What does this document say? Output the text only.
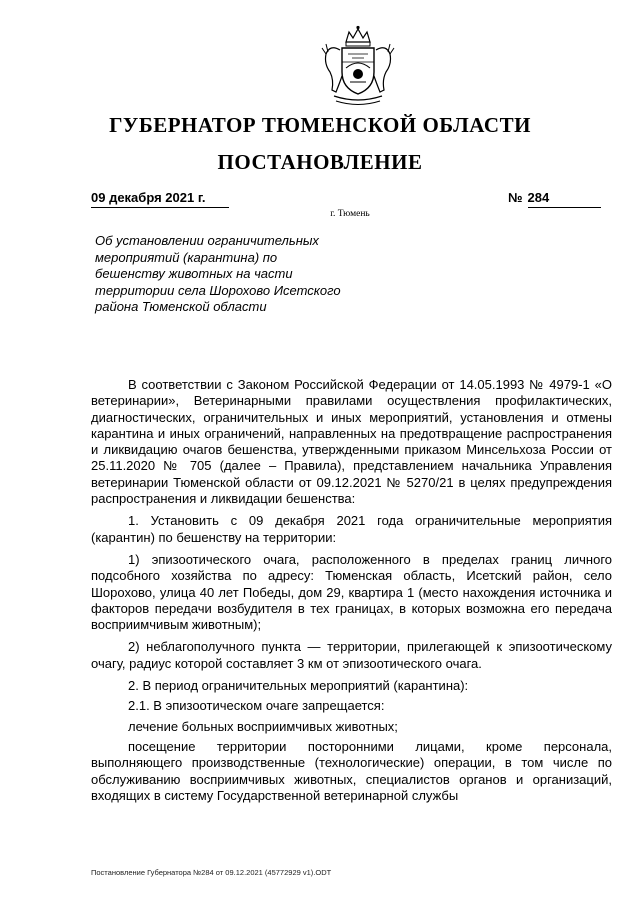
ГУБЕРНАТОР ТЮМЕНСКОЙ ОБЛАСТИ
ПОСТАНОВЛЕНИЕ
09 декабря 2021 г.	№ 284
г. Тюмень
Об установлении ограничительных мероприятий (карантина) по бешенству животных на части территории села Шорохово Исетского района Тюменской области

В соответствии с Законом Российской Федерации от 14.05.1993 № 4979-1 «О ветеринарии», Ветеринарными правилами осуществления профилактических, диагностических, ограничительных и иных мероприятий, установления и отмены карантина и иных ограничений, направленных на предотвращение распространения и ликвидацию очагов бешенства, утвержденными приказом Минсельхоза России от 25.11.2020 № 705 (далее – Правила), представлением начальника Управления ветеринарии Тюменской области от 09.12.2021 № 5270/21 в целях предупреждения распространения и ликвидации бешенства:

1. Установить с 09 декабря 2021 года ограничительные мероприятия (карантин) по бешенству на территории:

1) эпизоотического очага, расположенного в пределах границ личного подсобного хозяйства по адресу: Тюменская область, Исетский район, село Шорохово, улица 40 лет Победы, дом 29, квартира 1 (место нахождения источника и факторов передачи возбудителя в тех границах, в которых возможна его передача восприимчивым животным);

2) неблагополучного пункта — территории, прилегающей к эпизоотическому очагу, радиус которой составляет 3 км от эпизоотического очага.

2. В период ограничительных мероприятий (карантина):

2.1. В эпизоотическом очаге запрещается:

лечение больных восприимчивых животных;

посещение территории посторонними лицами, кроме персонала, выполняющего производственные (технологические) операции, в том числе по обслуживанию восприимчивых животных, специалистов органов и организаций, входящих в систему Государственной ветеринарной службы

Постановление Губернатора №284 от 09.12.2021 (45772929 v1).ODT
